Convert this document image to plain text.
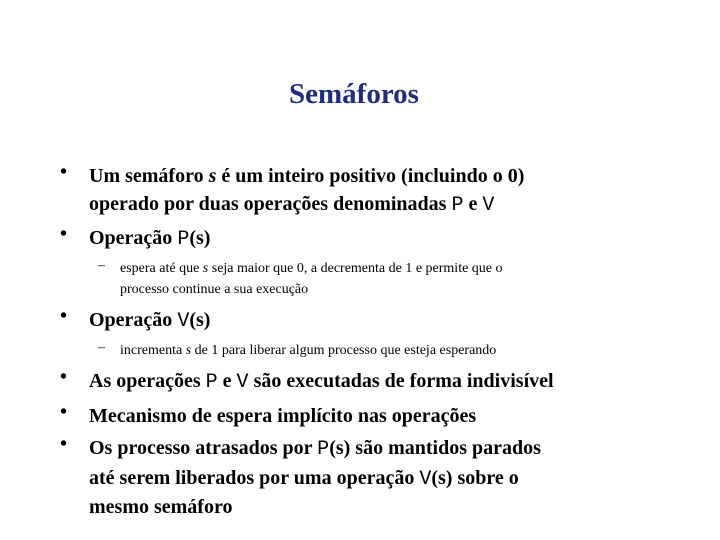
Semáforos
• Um semáforo s é um inteiro positivo (incluindo o 0)
operado por duas operações denominadas P e V
• Operação P(s)
– espera até que s seja maior que 0, a decrementa de 1 e permite que o
processo continue a sua execução
• Operação V(s)
– incrementa s de 1 para liberar algum processo que esteja esperando
• As operações P e V são executadas de forma indivisível
• Mecanismo de espera implícito nas operações
• Os processo atrasados por P(s) são mantidos parados
até serem liberados por uma operação V(s) sobre o
mesmo semáforo
